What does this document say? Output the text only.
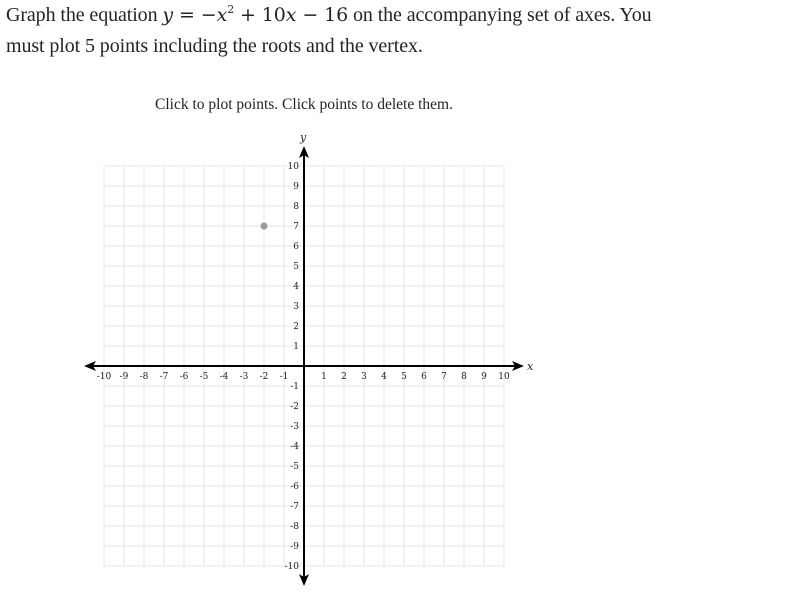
Graph the equation $y = -x^2 + 10x - 16$ on the accompanying set of axes. You
must plot 5 points including the roots and the vertex.
Click to plot points. Click points to delete them.
-10 -9 -8 -7 -6 -5 -4 -3 -2 -1	1 2 3 4 5 6 7 8 9 10
-10
-9
-8
-7
-6
-5
-4
-3
-2
-1
1
2
3
4
5
6
7
8
9
10
x
y
